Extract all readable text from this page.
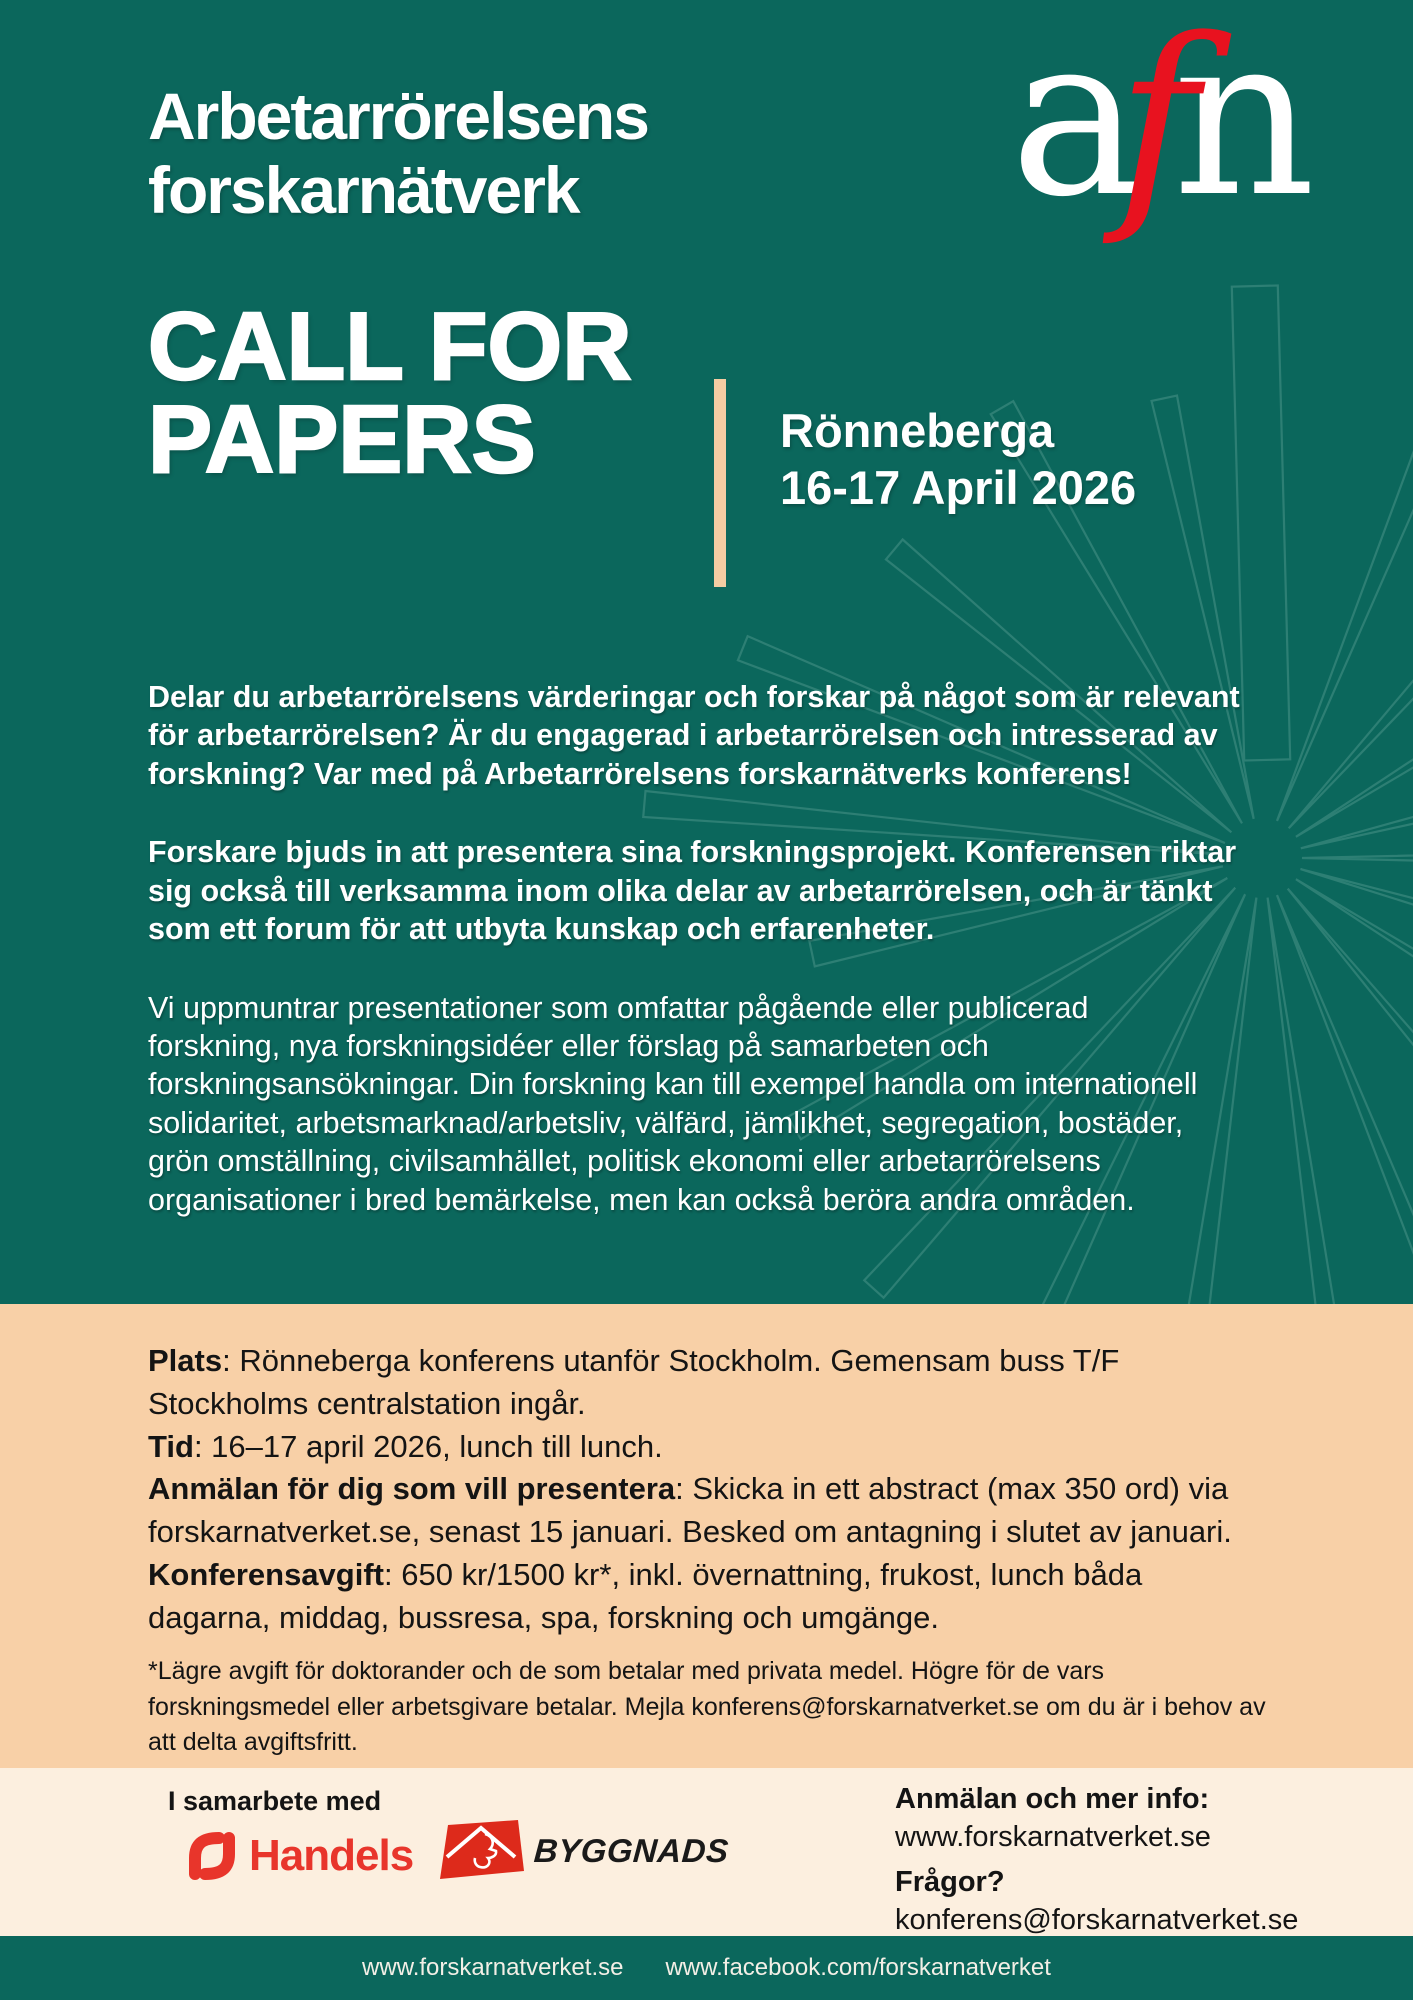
Arbetarrörelsens
forskarnätverk	a
f
n
CALL FOR
PAPERS	Rönneberga
16-17 April 2026

Delar du arbetarrörelsens värderingar och forskar på något som är relevant
för arbetarrörelsen? Är du engagerad i arbetarrörelsen och intresserad av
forskning? Var med på Arbetarrörelsens forskarnätverks konferens!

Forskare bjuds in att presentera sina forskningsprojekt. Konferensen riktar
sig också till verksamma inom olika delar av arbetarrörelsen, och är tänkt
som ett forum för att utbyta kunskap och erfarenheter.

Vi uppmuntrar presentationer som omfattar pågående eller publicerad
forskning, nya forskningsidéer eller förslag på samarbeten och
forskningsansökningar. Din forskning kan till exempel handla om internationell
solidaritet, arbetsmarknad/arbetsliv, välfärd, jämlikhet, segregation, bostäder,
grön omställning, civilsamhället, politisk ekonomi eller arbetarrörelsens
organisationer i bred bemärkelse, men kan också beröra andra områden.

Plats: Rönneberga konferens utanför Stockholm. Gemensam buss T/F
Stockholms centralstation ingår.

Tid: 16–17 april 2026, lunch till lunch.

Anmälan för dig som vill presentera: Skicka in ett abstract (max 350 ord) via
forskarnatverket.se, senast 15 januari. Besked om antagning i slutet av januari.

Konferensavgift: 650 kr/1500 kr*, inkl. övernattning, frukost, lunch båda
dagarna, middag, bussresa, spa, forskning och umgänge.

*Lägre avgift för doktorander och de som betalar med privata medel. Högre för de vars
forskningsmedel eller arbetsgivare betalar. Mejla konferens@forskarnatverket.se om du är i behov av
att delta avgiftsfritt.

I samarbete med
Handels	BYGGNADS
Anmälan och mer info:
www.forskarnatverket.se
Frågor?
konferens@forskarnatverket.se
www.forskarnatverket.se www.facebook.com/forskarnatverket
